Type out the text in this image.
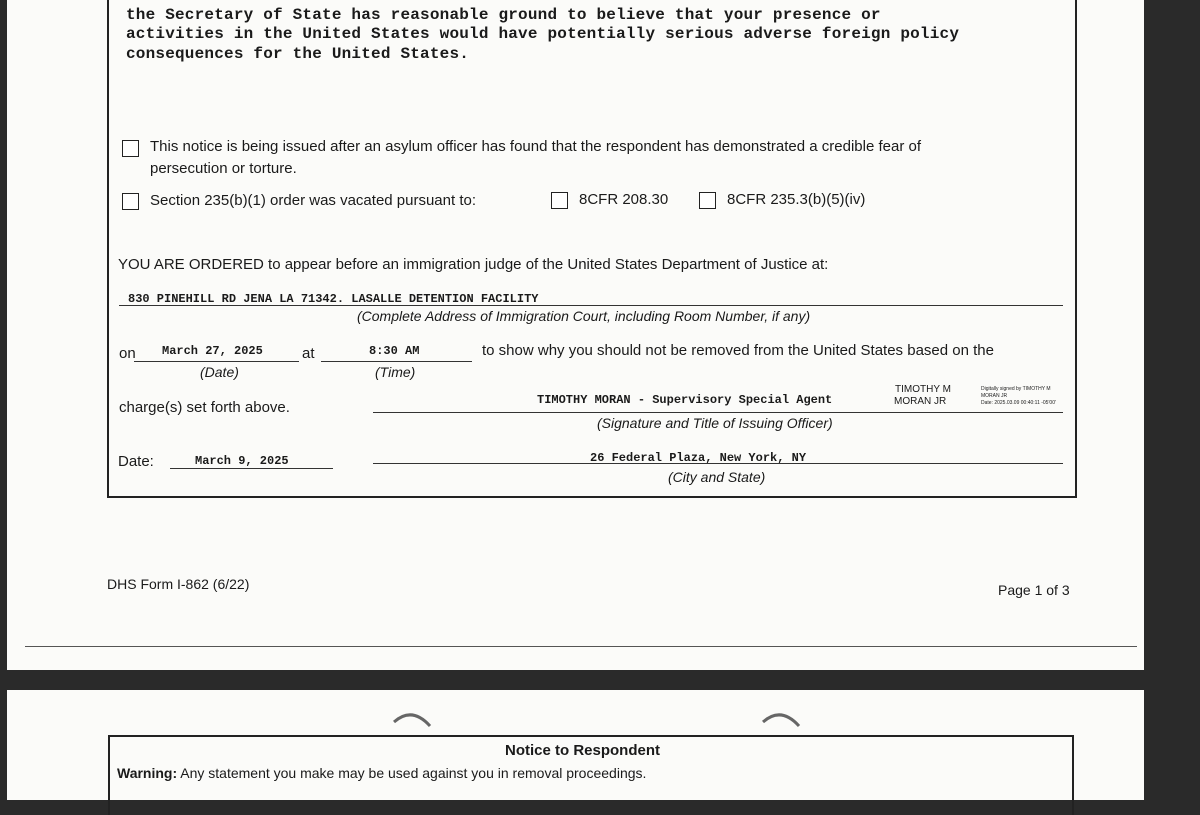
the Secretary of State has reasonable ground to believe that your presence or
activities in the United States would have potentially serious adverse foreign policy
consequences for the United States.
This notice is being issued after an asylum officer has found that the respondent has demonstrated a credible fear of
persecution or torture.
Section 235(b)(1) order was vacated pursuant to:	8CFR 208.30	8CFR 235.3(b)(5)(iv)
YOU ARE ORDERED to appear before an immigration judge of the United States Department of Justice at:
830 PINEHILL RD JENA LA 71342. LASALLE DETENTION FACILITY
(Complete Address of Immigration Court, including Room Number, if any)
on March 27, 2025
(Date)
at	8:30 AM
(Time)
to show why you should not be removed from the United States based on the
charge(s) set forth above.	TIMOTHY MORAN - Supervisory Special Agent
TIMOTHY M
MORAN JR
Digitally signed by TIMOTHY M
MORAN JR
Date: 2025.03.09 00:40:11 -05'00'
(Signature and Title of Issuing Officer)
Date:	March 9, 2025	26 Federal Plaza, New York, NY
(City and State)
DHS Form I-862 (6/22)	Page 1 of 3
Notice to Respondent
Warning: Any statement you make may be used against you in removal proceedings.
